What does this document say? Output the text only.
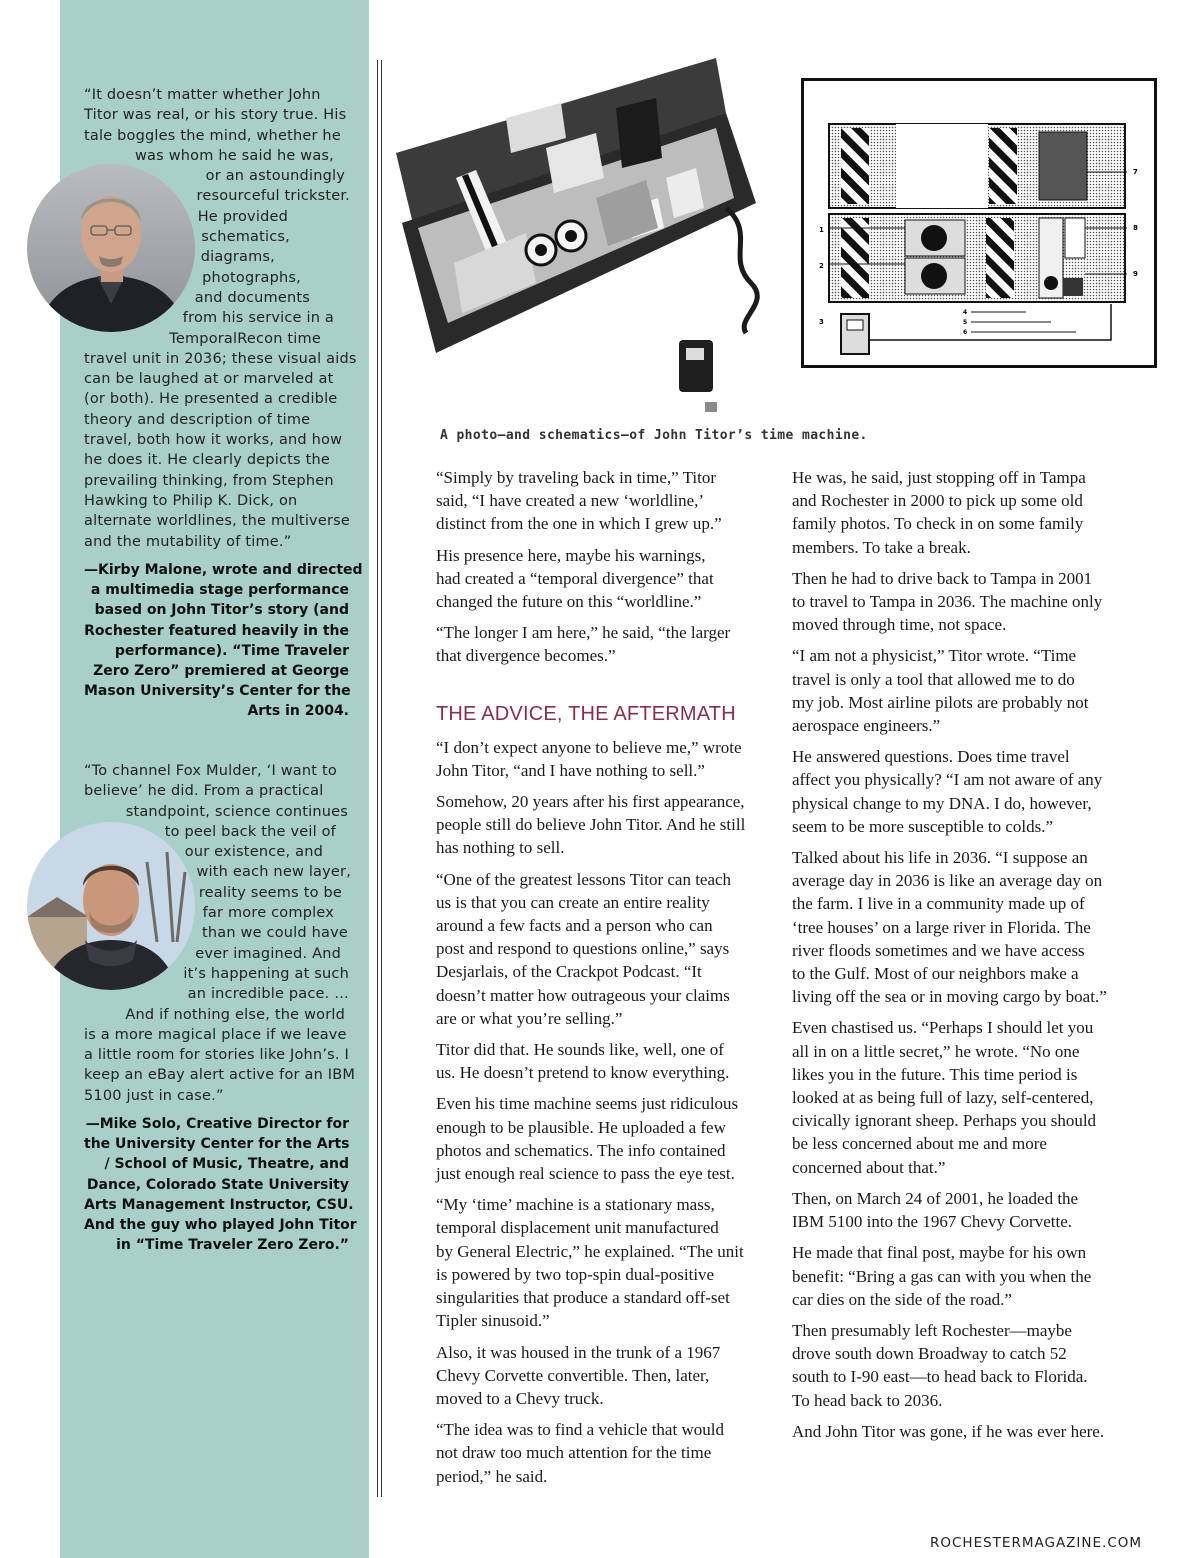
“It doesn’t matter whether John
Titor was real, or his story true. His
tale boggles the mind, whether he
was whom he said he was,
or an astoundingly
resourceful trickster.
He provided
schematics,
diagrams,
photographs,
and documents
from his service in a
TemporalRecon time
travel unit in 2036; these visual aids
can be laughed at or marveled at
(or both). He presented a credible
theory and description of time
travel, both how it works, and how
he does it. He clearly depicts the
prevailing thinking, from Stephen
Hawking to Philip K. Dick, on
alternate worldlines, the multiverse
and the mutability of time.”
—Kirby Malone, wrote and directed
a multimedia stage performance
based on John Titor’s story (and
Rochester featured heavily in the
performance). “Time Traveler
Zero Zero” premiered at George
Mason University’s Center for the
Arts in 2004.
“To channel Fox Mulder, ‘I want to
believe’ he did. From a practical
standpoint, science continues
to peel back the veil of
our existence, and
with each new layer,
reality seems to be
far more complex
than we could have
ever imagined. And
it’s happening at such
an incredible pace. …
And if nothing else, the world
is a more magical place if we leave
a little room for stories like John’s. I
keep an eBay alert active for an IBM
5100 just in case.”
—Mike Solo, Creative Director for
the University Center for the Arts
/ School of Music, Theatre, and
Dance, Colorado State University
Arts Management Instructor, CSU.
And the guy who played John Titor
in “Time Traveler Zero Zero.”
1
2
3
4
5
6
7
8
9
A photo—and schematics—of John Titor’s time machine.

“Simply by traveling back in time,” Titor
said, “I have created a new ‘worldline,’
distinct from the one in which I grew up.”

His presence here, maybe his warnings,
had created a “temporal divergence” that
changed the future on this “worldline.”

“The longer I am here,” he said, “the larger
that divergence becomes.”

THE ADVICE, THE AFTERMATH

“I don’t expect anyone to believe me,” wrote
John Titor, “and I have nothing to sell.”

Somehow, 20 years after his first appearance,
people still do believe John Titor. And he still
has nothing to sell.

“One of the greatest lessons Titor can teach
us is that you can create an entire reality
around a few facts and a person who can
post and respond to questions online,” says
Desjarlais, of the Crackpot Podcast. “It
doesn’t matter how outrageous your claims
are or what you’re selling.”

Titor did that. He sounds like, well, one of
us. He doesn’t pretend to know everything.

Even his time machine seems just ridiculous
enough to be plausible. He uploaded a few
photos and schematics. The info contained
just enough real science to pass the eye test.

“My ‘time’ machine is a stationary mass,
temporal displacement unit manufactured
by General Electric,” he explained. “The unit
is powered by two top-spin dual-positive
singularities that produce a standard off-set
Tipler sinusoid.”

Also, it was housed in the trunk of a 1967
Chevy Corvette convertible. Then, later,
moved to a Chevy truck.

“The idea was to find a vehicle that would
not draw too much attention for the time
period,” he said.

He was, he said, just stopping off in Tampa
and Rochester in 2000 to pick up some old
family photos. To check in on some family
members. To take a break.

Then he had to drive back to Tampa in 2001
to travel to Tampa in 2036. The machine only
moved through time, not space.

“I am not a physicist,” Titor wrote. “Time
travel is only a tool that allowed me to do
my job. Most airline pilots are probably not
aerospace engineers.”

He answered questions. Does time travel
affect you physically? “I am not aware of any
physical change to my DNA. I do, however,
seem to be more susceptible to colds.”

Talked about his life in 2036. “I suppose an
average day in 2036 is like an average day on
the farm. I live in a community made up of
‘tree houses’ on a large river in Florida. The
river floods sometimes and we have access
to the Gulf. Most of our neighbors make a
living off the sea or in moving cargo by boat.”

Even chastised us. “Perhaps I should let you
all in on a little secret,” he wrote. “No one
likes you in the future. This time period is
looked at as being full of lazy, self-centered,
civically ignorant sheep. Perhaps you should
be less concerned about me and more
concerned about that.”

Then, on March 24 of 2001, he loaded the
IBM 5100 into the 1967 Chevy Corvette.

He made that final post, maybe for his own
benefit: “Bring a gas can with you when the
car dies on the side of the road.”

Then presumably left Rochester—maybe
drove south down Broadway to catch 52
south to I-90 east—to head back to Florida.
To head back to 2036.

And John Titor was gone, if he was ever here.

ROCHESTERMAGAZINE.COM
